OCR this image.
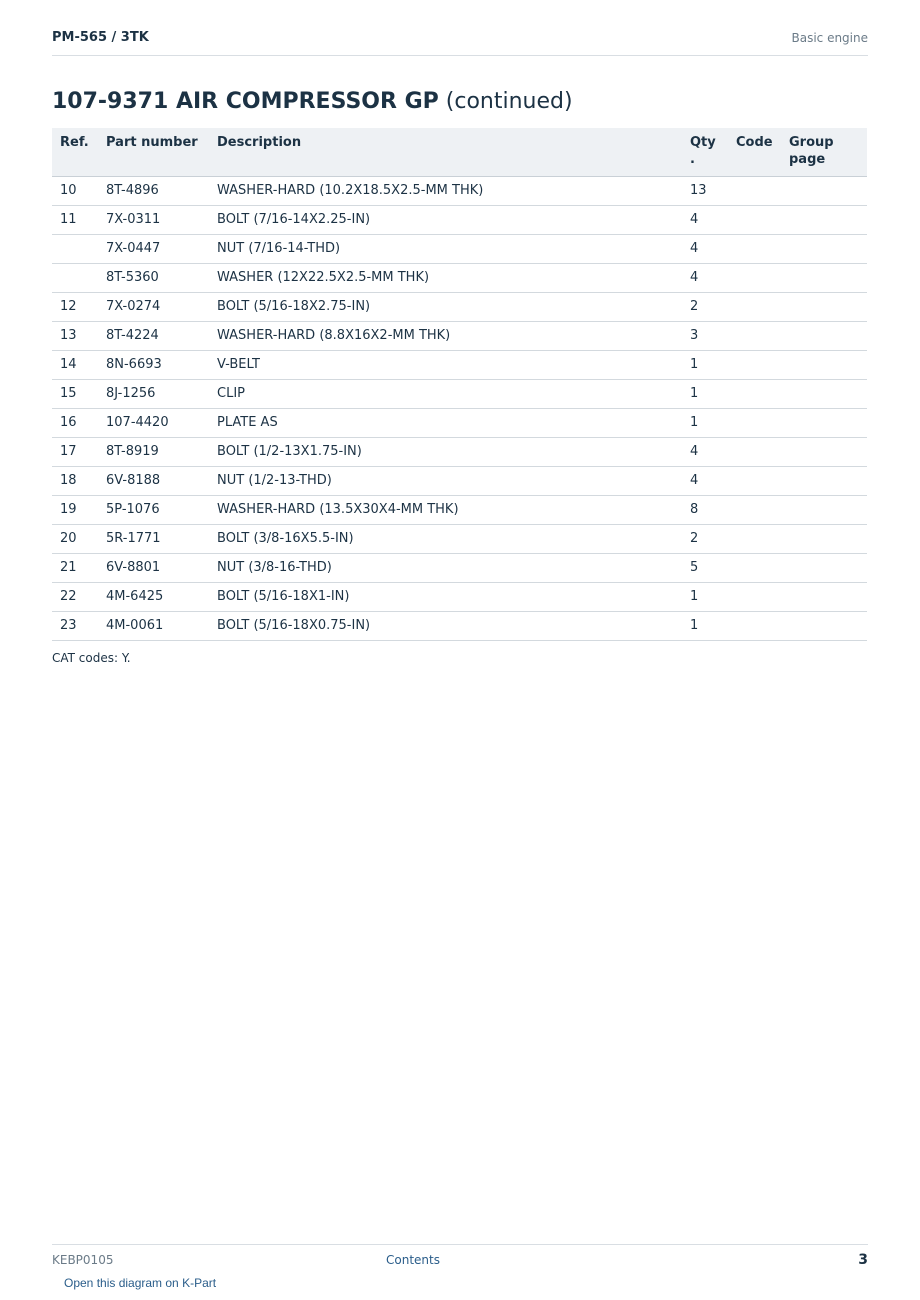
PM-565 / 3TK	Basic engine
107-9371 AIR COMPRESSOR GP (continued)
Ref.	Part number	Description	Qty .	Code	Group page
10	8T-4896	WASHER-HARD (10.2X18.5X2.5-MM THK)	13		
11	7X-0311	BOLT (7/16-14X2.25-IN)	4		
	7X-0447	NUT (7/16-14-THD)	4		
	8T-5360	WASHER (12X22.5X2.5-MM THK)	4		
12	7X-0274	BOLT (5/16-18X2.75-IN)	2		
13	8T-4224	WASHER-HARD (8.8X16X2-MM THK)	3		
14	8N-6693	V-BELT	1		
15	8J-1256	CLIP	1		
16	107-4420	PLATE AS	1		
17	8T-8919	BOLT (1/2-13X1.75-IN)	4		
18	6V-8188	NUT (1/2-13-THD)	4		
19	5P-1076	WASHER-HARD (13.5X30X4-MM THK)	8		
20	5R-1771	BOLT (3/8-16X5.5-IN)	2		
21	6V-8801	NUT (3/8-16-THD)	5		
22	4M-6425	BOLT (5/16-18X1-IN)	1		
23	4M-0061	BOLT (5/16-18X0.75-IN)	1		
CAT codes: Y.
KEBP0105	Contents	3
Open this diagram on K-Part
